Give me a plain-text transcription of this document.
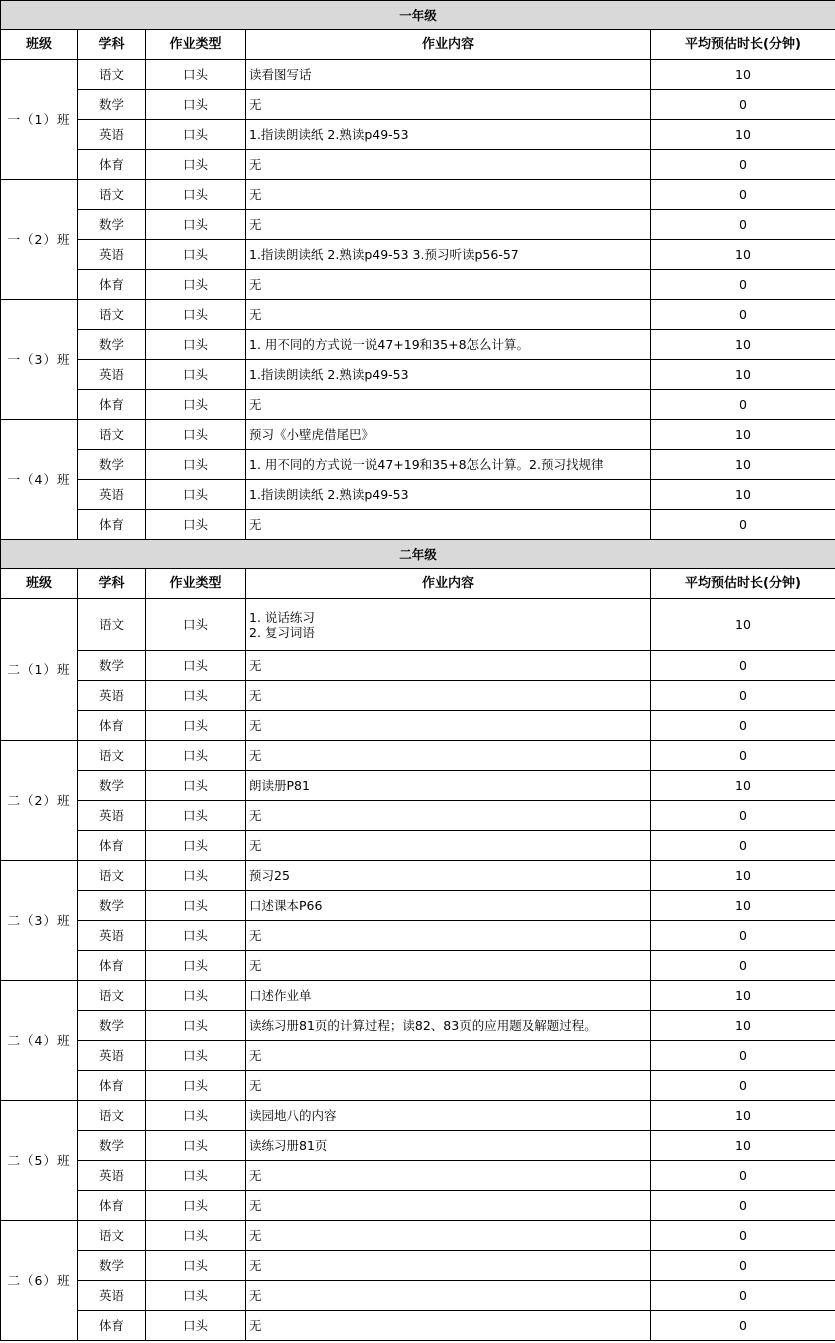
一年级				
班级	学科	作业类型	作业内容	平均预估时长(分钟)
一（1）班	语文	口头	读看图写话	10
	数学	口头	无	0
	英语	口头	1.指读朗读纸 2.熟读p49-53	10
	体育	口头	无	0
一（2）班	语文	口头	无	0
	数学	口头	无	0
	英语	口头	1.指读朗读纸 2.熟读p49-53 3.预习听读p56-57	10
	体育	口头	无	0
一（3）班	语文	口头	无	0
	数学	口头	1. 用不同的方式说一说47+19和35+8怎么计算。	10
	英语	口头	1.指读朗读纸 2.熟读p49-53	10
	体育	口头	无	0
一（4）班	语文	口头	预习《小壁虎借尾巴》	10
	数学	口头	1. 用不同的方式说一说47+19和35+8怎么计算。2.预习找规律	10
	英语	口头	1.指读朗读纸 2.熟读p49-53	10
	体育	口头	无	0
二年级				
班级	学科	作业类型	作业内容	平均预估时长(分钟)
二（1）班	语文	口头	1. 说话练习
2. 复习词语	10
	数学	口头	无	0
	英语	口头	无	0
	体育	口头	无	0
二（2）班	语文	口头	无	0
	数学	口头	朗读册P81	10
	英语	口头	无	0
	体育	口头	无	0
二（3）班	语文	口头	预习25	10
	数学	口头	口述课本P66	10
	英语	口头	无	0
	体育	口头	无	0
二（4）班	语文	口头	口述作业单	10
	数学	口头	读练习册81页的计算过程；读82、83页的应用题及解题过程。	10
	英语	口头	无	0
	体育	口头	无	0
二（5）班	语文	口头	读园地八的内容	10
	数学	口头	读练习册81页	10
	英语	口头	无	0
	体育	口头	无	0
二（6）班	语文	口头	无	0
	数学	口头	无	0
	英语	口头	无	0
	体育	口头	无	0
